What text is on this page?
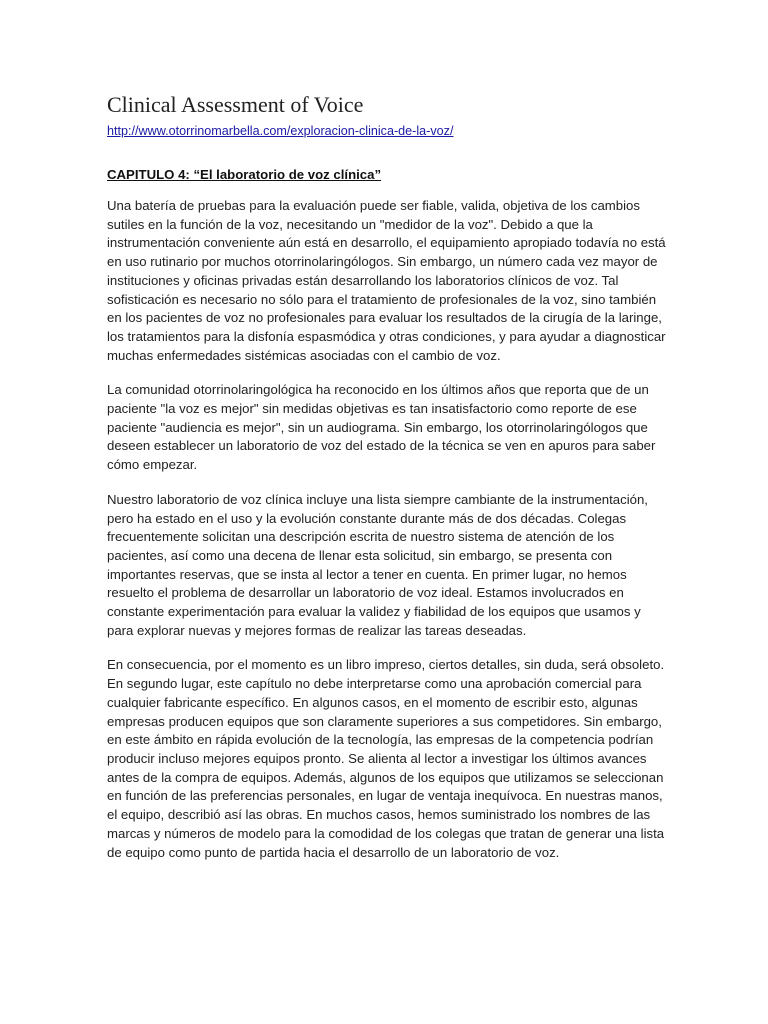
Clinical Assessment of Voice
http://www.otorrinomarbella.com/exploracion-clinica-de-la-voz/
CAPITULO 4: “El laboratorio de voz clínica”

Una batería de pruebas para la evaluación puede ser fiable, valida, objetiva de los cambios sutiles en la función de la voz, necesitando un "medidor de la voz". Debido a que la instrumentación conveniente aún está en desarrollo, el equipamiento apropiado todavía no está en uso rutinario por muchos otorrinolaringólogos. Sin embargo, un número cada vez mayor de instituciones y oficinas privadas están desarrollando los laboratorios clínicos de voz. Tal sofisticación es necesario no sólo para el tratamiento de profesionales de la voz, sino también en los pacientes de voz no profesionales para evaluar los resultados de la cirugía de la laringe, los tratamientos para la disfonía espasmódica y otras condiciones, y para ayudar a diagnosticar muchas enfermedades sistémicas asociadas con el cambio de voz.

La comunidad otorrinolaringológica ha reconocido en los últimos años que reporta que de un paciente "la voz es mejor" sin medidas objetivas es tan insatisfactorio como reporte de ese paciente "audiencia es mejor", sin un audiograma. Sin embargo, los otorrinolaringólogos que deseen establecer un laboratorio de voz del estado de la técnica se ven en apuros para saber cómo empezar.

Nuestro laboratorio de voz clínica incluye una lista siempre cambiante de la instrumentación, pero ha estado en el uso y la evolución constante durante más de dos décadas. Colegas frecuentemente solicitan una descripción escrita de nuestro sistema de atención de los pacientes, así como una decena de llenar esta solicitud, sin embargo, se presenta con importantes reservas, que se insta al lector a tener en cuenta. En primer lugar, no hemos resuelto el problema de desarrollar un laboratorio de voz ideal. Estamos involucrados en constante experimentación para evaluar la validez y fiabilidad de los equipos que usamos y para explorar nuevas y mejores formas de realizar las tareas deseadas.

En consecuencia, por el momento es un libro impreso, ciertos detalles, sin duda, será obsoleto. En segundo lugar, este capítulo no debe interpretarse como una aprobación comercial para cualquier fabricante específico. En algunos casos, en el momento de escribir esto, algunas empresas producen equipos que son claramente superiores a sus competidores. Sin embargo, en este ámbito en rápida evolución de la tecnología, las empresas de la competencia podrían producir incluso mejores equipos pronto. Se alienta al lector a investigar los últimos avances antes de la compra de equipos. Además, algunos de los equipos que utilizamos se seleccionan en función de las preferencias personales, en lugar de ventaja inequívoca. En nuestras manos, el equipo, describió así las obras. En muchos casos, hemos suministrado los nombres de las marcas y números de modelo para la comodidad de los colegas que tratan de generar una lista de equipo como punto de partida hacia el desarrollo de un laboratorio de voz.
